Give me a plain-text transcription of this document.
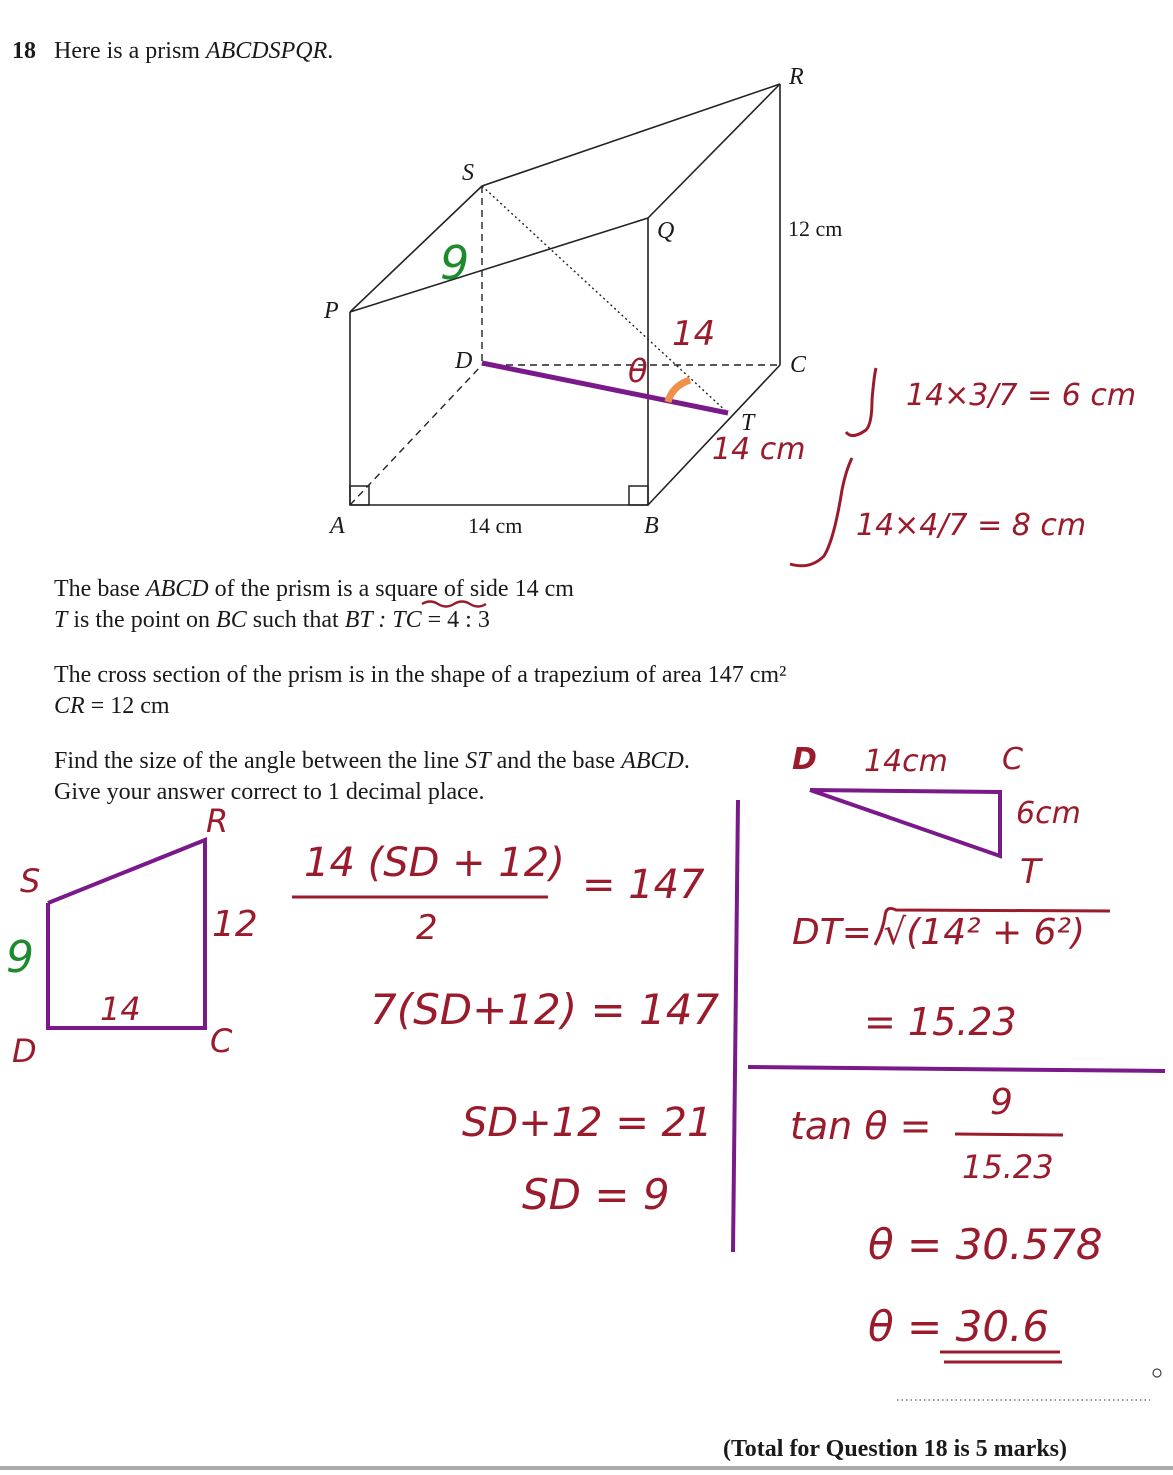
18 Here is a prism ABCDSPQR.
R
S
Q
P
D	C
T
A	B
12 cm
14 cm
9
14
θ
14 cm
14×3/7 = 6 cm
14×4/7 = 8 cm
The base ABCD of the prism is a square of side 14 cm
T is the point on BC such that BT : TC = 4 : 3
The cross section of the prism is in the shape of a trapezium of area 147 cm²
CR = 12 cm
Find the size of the angle between the line ST and the base ABCD.
Give your answer correct to 1 decimal place.
S
R
D	C
9
12
14
14 (SD + 12)
2
= 147
7(SD+12) = 147
SD+12 = 21
SD = 9
D 14cm C
6cm
T
DT= √(14² + 6²)
= 15.23
tan θ =
9
15.23
θ = 30.578
θ = 30.6
(Total for Question 18 is 5 marks)
